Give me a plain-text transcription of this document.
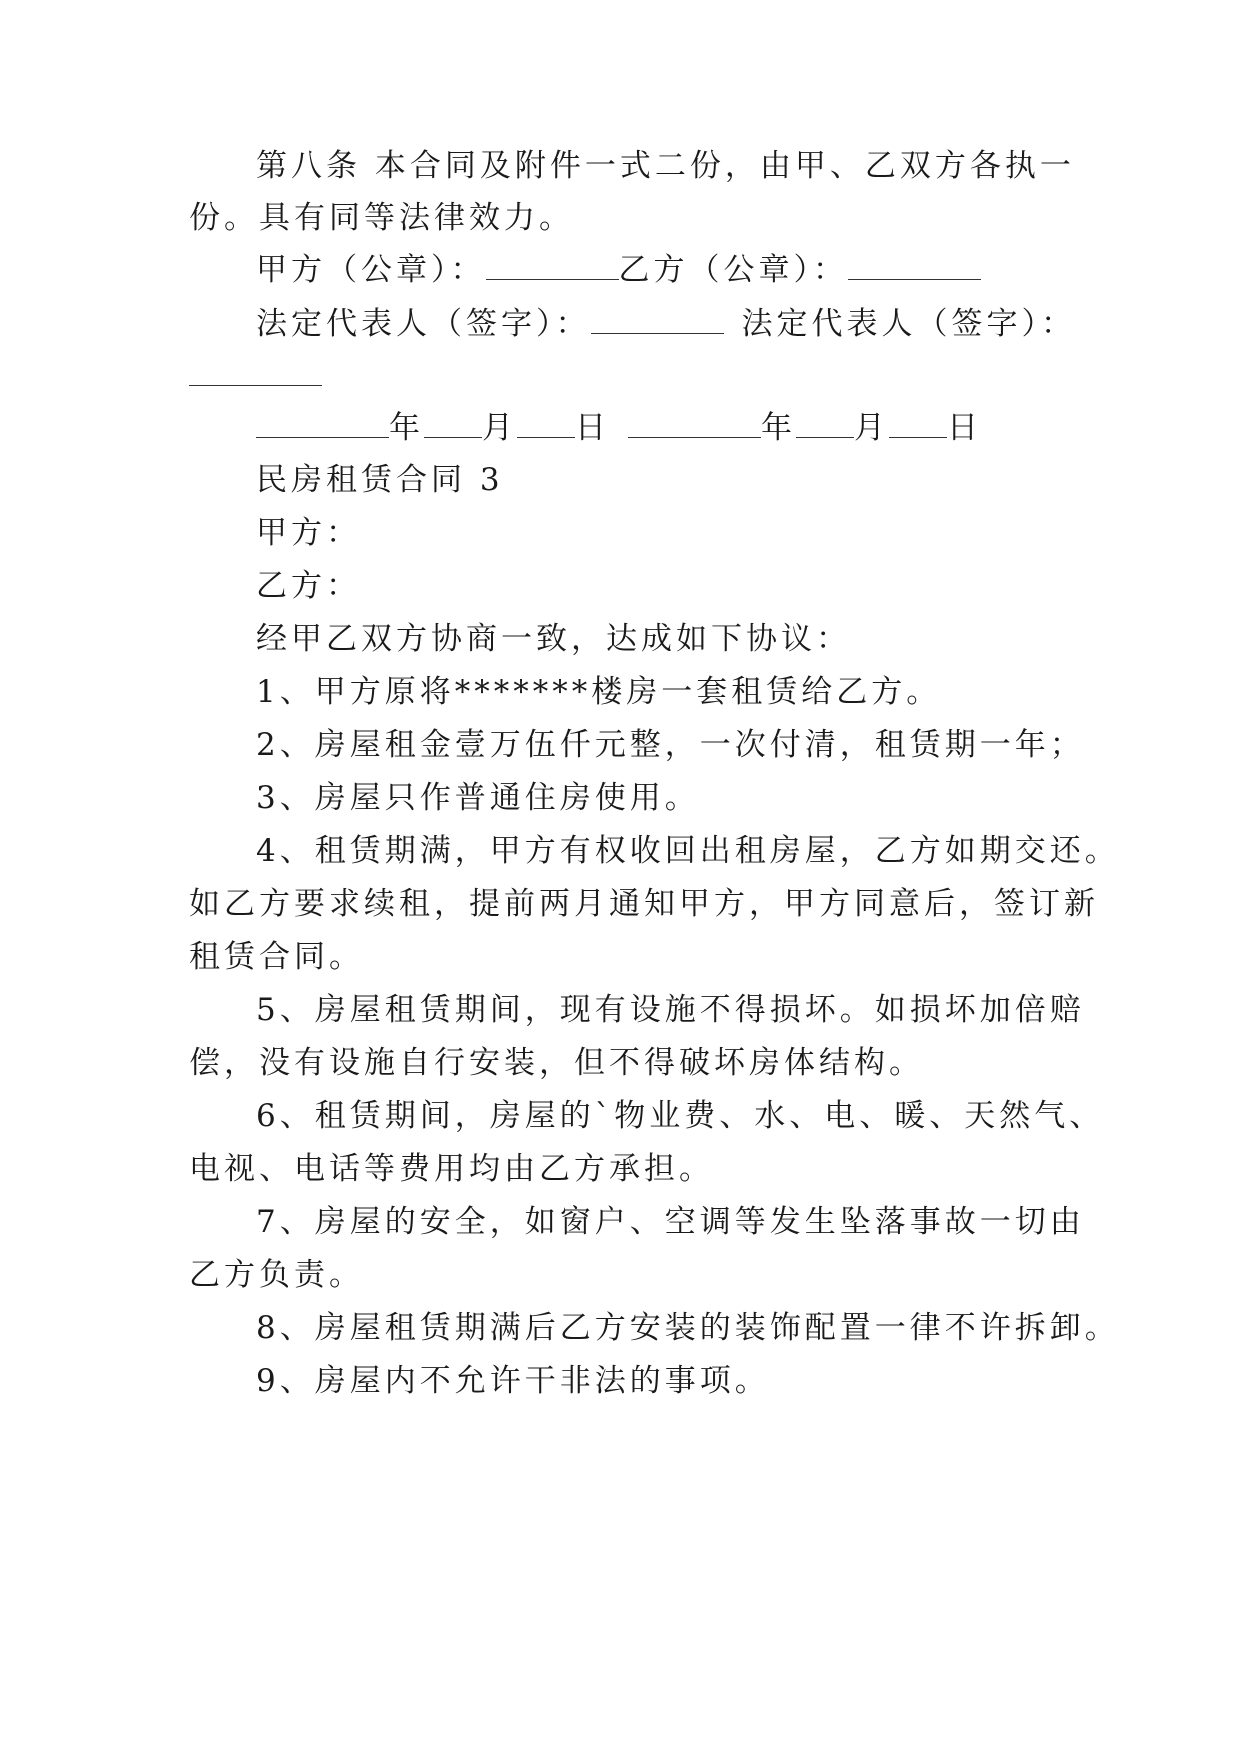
第八条 本合同及附件一式二份，由甲、乙双方各执一
份。具有同等法律效力。
甲方（公章）：	乙方（公章）：
法定代表人（签字）：	法定代表人（签字）：
年 月 日	年 月 日
民房租赁合同 3
甲方：
乙方：
经甲乙双方协商一致，达成如下协议：
1、甲方原将*******楼房一套租赁给乙方。
2、房屋租金壹万伍仟元整，一次付清，租赁期一年；
3、房屋只作普通住房使用。
4、租赁期满，甲方有权收回出租房屋，乙方如期交还。
如乙方要求续租，提前两月通知甲方，甲方同意后，签订新
租赁合同。
5、房屋租赁期间，现有设施不得损坏。如损坏加倍赔
偿，没有设施自行安装，但不得破坏房体结构。
6、租赁期间，房屋的`物业费、水、电、暖、天然气、
电视、电话等费用均由乙方承担。
7、房屋的安全，如窗户、空调等发生坠落事故一切由
乙方负责。
8、房屋租赁期满后乙方安装的装饰配置一律不许拆卸。
9、房屋内不允许干非法的事项。
